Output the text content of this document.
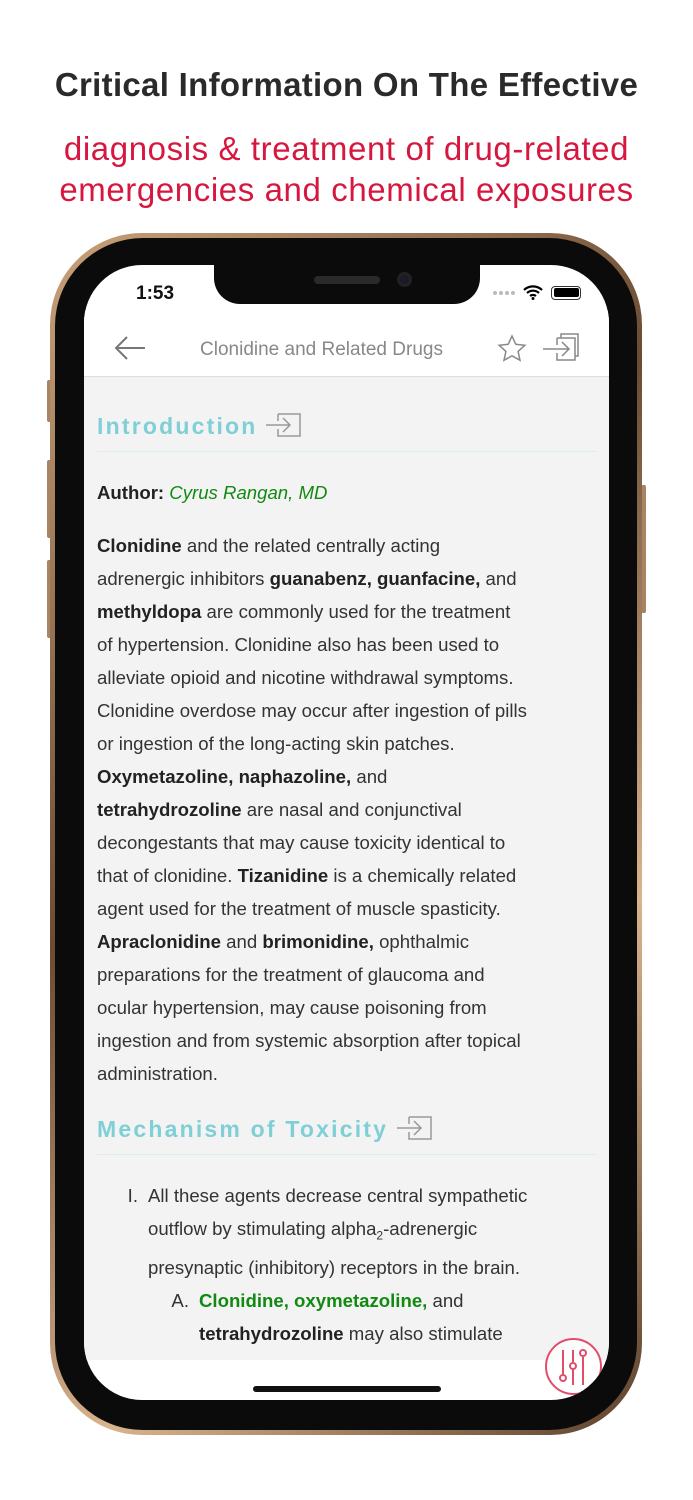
Critical Information On The Effective
diagnosis & treatment of drug-related
emergencies and chemical exposures
Introduction
Author: Cyrus Rangan, MD
Clonidine and the related centrally acting
adrenergic inhibitors guanabenz, guanfacine, and
methyldopa are commonly used for the treatment
of hypertension. Clonidine also has been used to
alleviate opioid and nicotine withdrawal symptoms.
Clonidine overdose may occur after ingestion of pills
or ingestion of the long-acting skin patches.
Oxymetazoline, naphazoline, and
tetrahydrozoline are nasal and conjunctival
decongestants that may cause toxicity identical to
that of clonidine. Tizanidine is a chemically related
agent used for the treatment of muscle spasticity.
Apraclonidine and brimonidine, ophthalmic
preparations for the treatment of glaucoma and
ocular hypertension, may cause poisoning from
ingestion and from systemic absorption after topical
administration.
Mechanism of Toxicity
I. All these agents decrease central sympathetic
outflow by stimulating alpha$_2$-adrenergic
presynaptic (inhibitory) receptors in the brain.
A. Clonidine, oxymetazoline, and
tetrahydrozoline may also stimulate
1:53
Clonidine and Related Drugs
